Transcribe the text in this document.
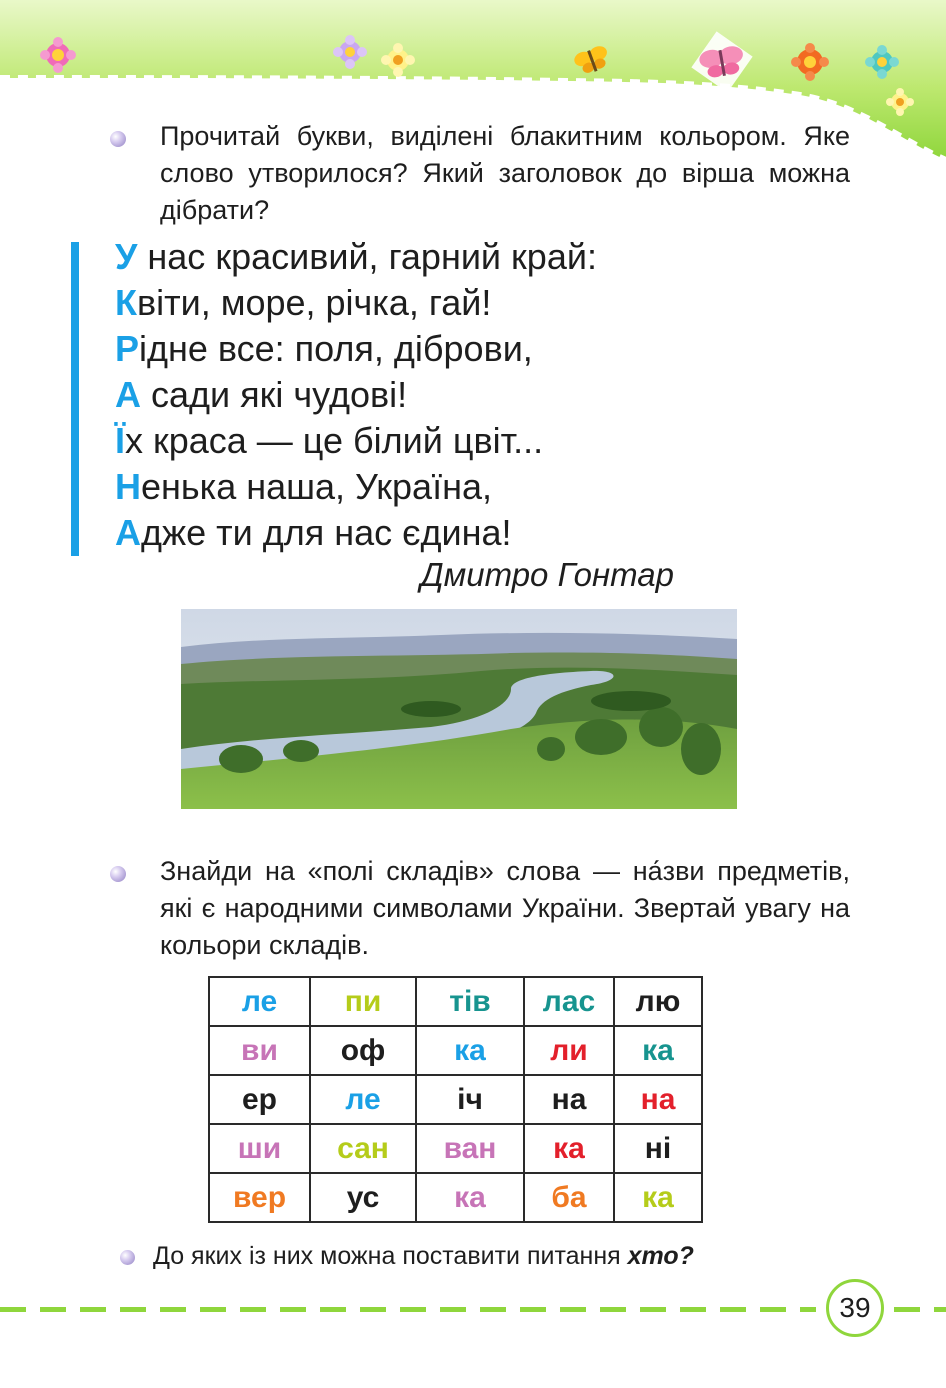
Прочитай букви, виділені блакитним кольором. Яке слово утворилося? Який заголовок до вірша можна дібрати?
У нас красивий, гарний край:
Квіти, море, річка, гай!
Рідне все: поля, діброви,
А сади які чудові!
Їх краса — це білий цвіт...
Ненька наша, Україна,
Адже ти для нас єдина!
Дмитро Гонтар
Знайди на «полі складів» слова — на́зви предметів, які є народними символами України. Звертай увагу на кольори складів.
ле	пи	тів	лас	лю
ви	оф	ка	ли	ка
ер	ле	іч	на	на
ши	сан	ван	ка	ні
вер	ус	ка	ба	ка
До яких із них можна поставити питання хто?
39
